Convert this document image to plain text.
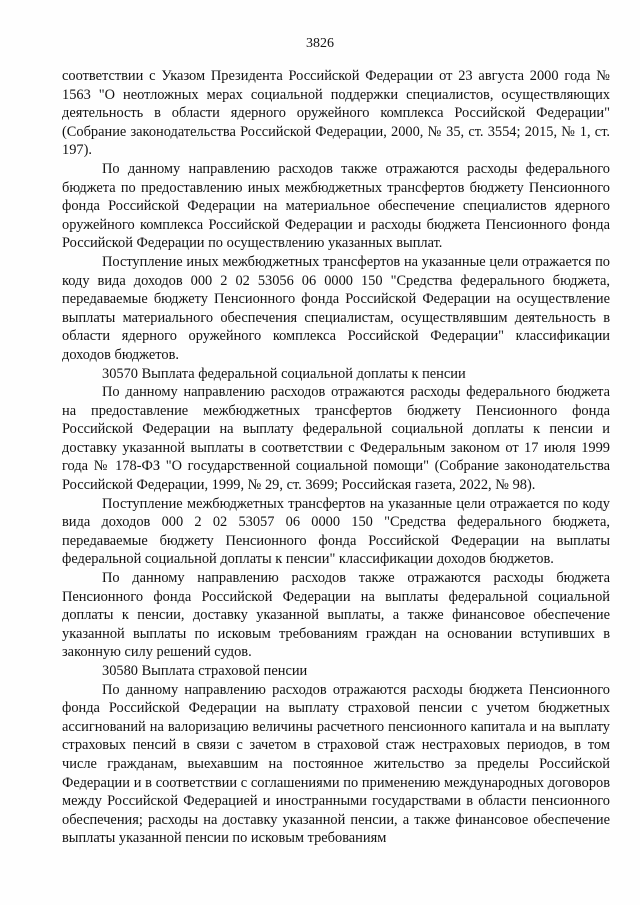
3826

соответствии с Указом Президента Российской Федерации от 23 августа 2000 года № 1563 "О неотложных мерах социальной поддержки специалистов, осуществляющих деятельность в области ядерного оружейного комплекса Российской Федерации" (Собрание законодательства Российской Федерации, 2000, № 35, ст. 3554; 2015, № 1, ст. 197).

По данному направлению расходов также отражаются расходы федерального бюджета по предоставлению иных межбюджетных трансфертов бюджету Пенсионного фонда Российской Федерации на материальное обеспечение специалистов ядерного оружейного комплекса Российской Федерации и расходы бюджета Пенсионного фонда Российской Федерации по осуществлению указанных выплат.

Поступление иных межбюджетных трансфертов на указанные цели отражается по коду вида доходов 000 2 02 53056 06 0000 150 "Средства федерального бюджета, передаваемые бюджету Пенсионного фонда Российской Федерации на осуществление выплаты материального обеспечения специалистам, осуществлявшим деятельность в области ядерного оружейного комплекса Российской Федерации" классификации доходов бюджетов.

30570 Выплата федеральной социальной доплаты к пенсии

По данному направлению расходов отражаются расходы федерального бюджета на предоставление межбюджетных трансфертов бюджету Пенсионного фонда Российской Федерации на выплату федеральной социальной доплаты к пенсии и доставку указанной выплаты в соответствии с Федеральным законом от 17 июля 1999 года № 178-ФЗ "О государственной социальной помощи" (Собрание законодательства Российской Федерации, 1999, № 29, ст. 3699; Российская газета, 2022, № 98).

Поступление межбюджетных трансфертов на указанные цели отражается по коду вида доходов 000 2 02 53057 06 0000 150 "Средства федерального бюджета, передаваемые бюджету Пенсионного фонда Российской Федерации на выплаты федеральной социальной доплаты к пенсии" классификации доходов бюджетов.

По данному направлению расходов также отражаются расходы бюджета Пенсионного фонда Российской Федерации на выплаты федеральной социальной доплаты к пенсии, доставку указанной выплаты, а также финансовое обеспечение указанной выплаты по исковым требованиям граждан на основании вступивших в законную силу решений судов.

30580 Выплата страховой пенсии

По данному направлению расходов отражаются расходы бюджета Пенсионного фонда Российской Федерации на выплату страховой пенсии с учетом бюджетных ассигнований на валоризацию величины расчетного пенсионного капитала и на выплату страховых пенсий в связи с зачетом в страховой стаж нестраховых периодов, в том числе гражданам, выехавшим на постоянное жительство за пределы Российской Федерации и в соответствии с соглашениями по применению международных договоров между Российской Федерацией и иностранными государствами в области пенсионного обеспечения; расходы на доставку указанной пенсии, а также финансовое обеспечение выплаты указанной пенсии по исковым требованиям
